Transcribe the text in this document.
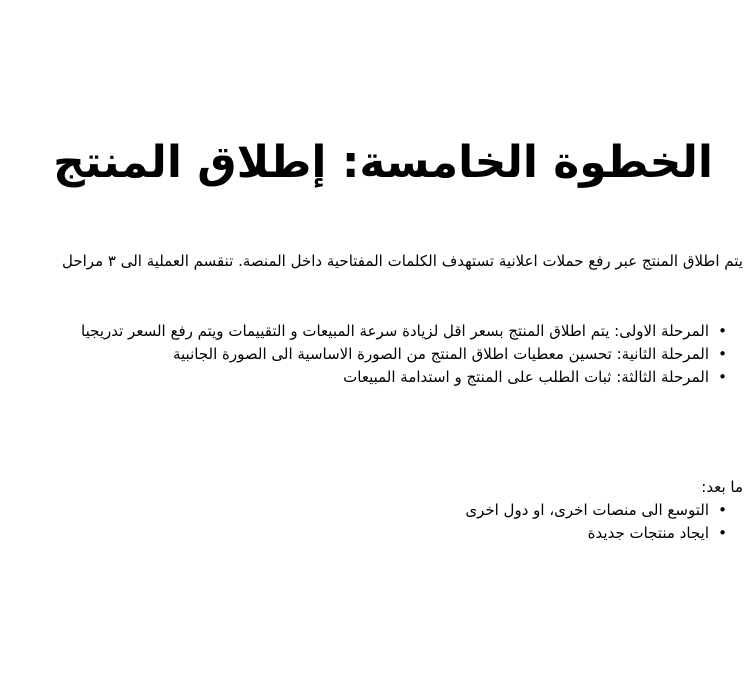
الخطوة الخامسة: إطلاق المنتج

يتم اطلاق المنتج عبر رفع حملات اعلانية تستهدف الكلمات المفتاحية داخل المنصة. تنقسم العملية الى ٣ مراحل

• المرحلة الاولى: يتم اطلاق المنتج بسعر اقل لزيادة سرعة المبيعات و التقييمات ويتم رفع السعر تدريجيا
• المرحلة الثانية: تحسين معطيات اطلاق المنتج من الصورة الاساسية الى الصورة الجانبية
• المرحلة الثالثة: ثبات الطلب على المنتج و استدامة المبيعات

ما بعد:

• التوسع الى منصات اخرى، او دول اخرى
• ايجاد منتجات جديدة
